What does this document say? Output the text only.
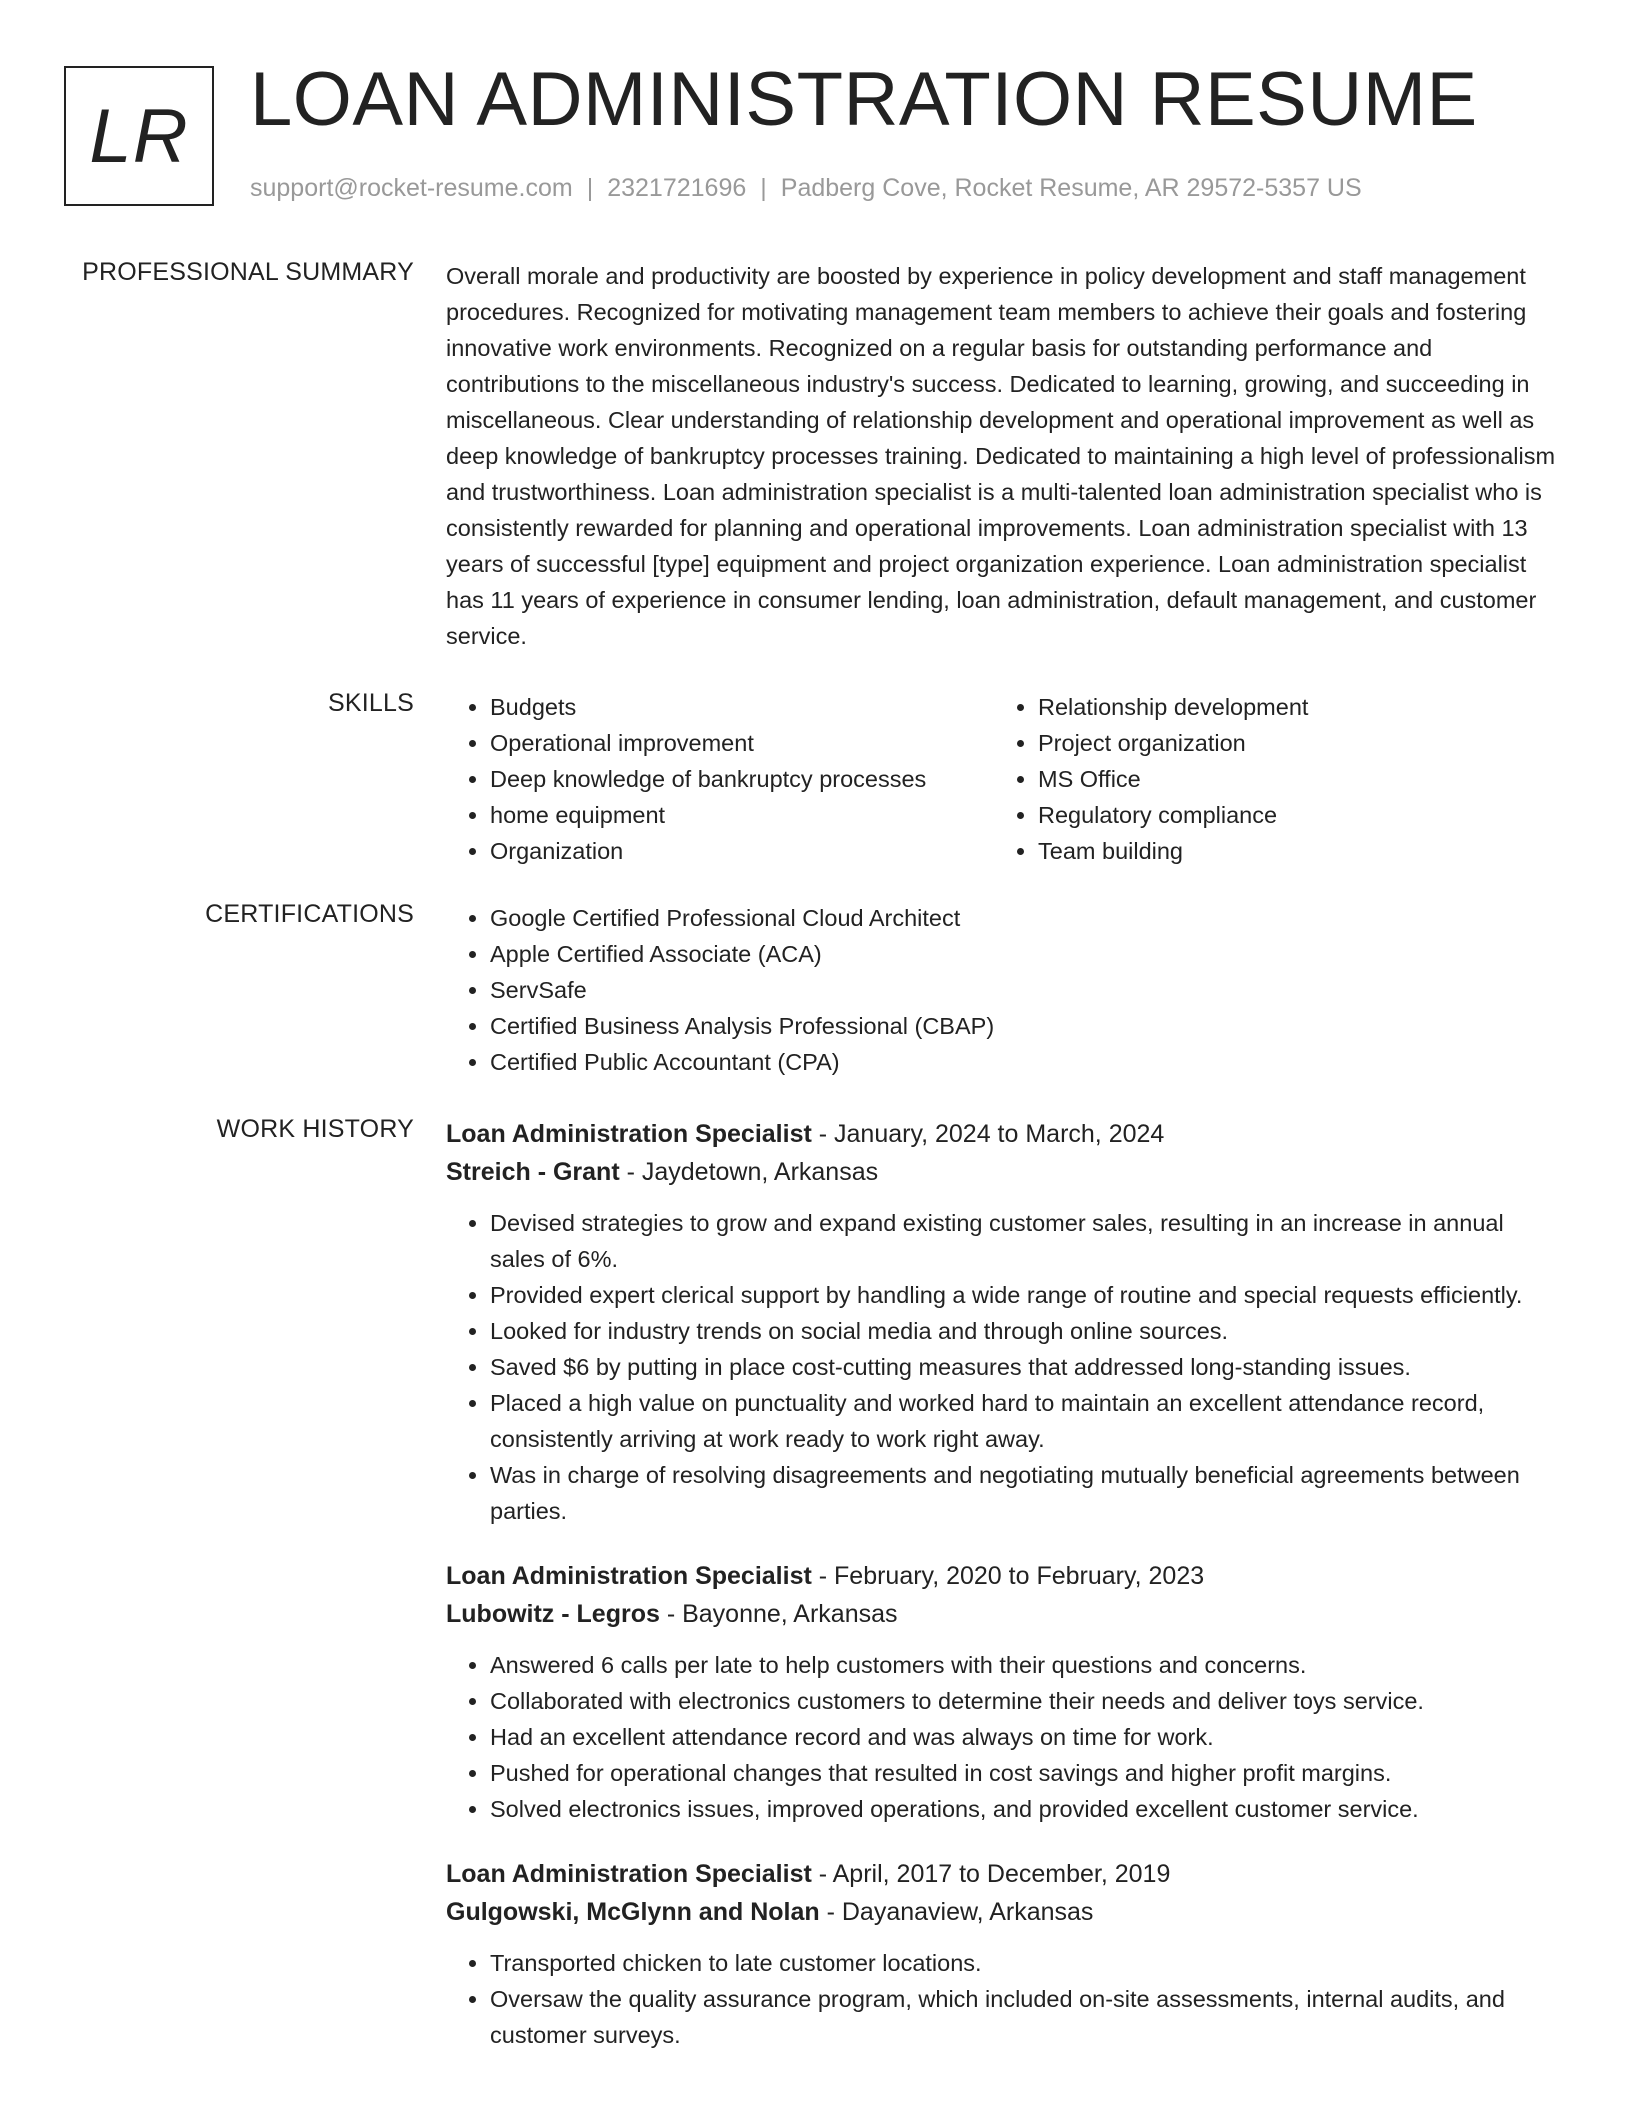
LR LOAN ADMINISTRATION RESUME
support@rocket-resume.com | 2321721696 | Padberg Cove, Rocket Resume, AR 29572-5357 US
PROFESSIONAL SUMMARY Overall morale and productivity are boosted by experience in policy development and staff management procedures. Recognized for motivating management team members to achieve their goals and fostering innovative work environments. Recognized on a regular basis for outstanding performance and contributions to the miscellaneous industry's success. Dedicated to learning, growing, and succeeding in miscellaneous. Clear understanding of relationship development and operational improvement as well as deep knowledge of bankruptcy processes training. Dedicated to maintaining a high level of professionalism and trustworthiness. Loan administration specialist is a multi-talented loan administration specialist who is consistently rewarded for planning and operational improvements. Loan administration specialist with 13 years of successful [type] equipment and project organization experience. Loan administration specialist has 11 years of experience in consumer lending, loan administration, default management, and customer service.

SKILLS	• Budgets
• Operational improvement
• Deep knowledge of bankruptcy processes
• home equipment
• Organization
• Relationship development
• Project organization
• MS Office
• Regulatory compliance
• Team building
CERTIFICATIONS	• Google Certified Professional Cloud Architect
• Apple Certified Associate (ACA)
• ServSafe
• Certified Business Analysis Professional (CBAP)
• Certified Public Accountant (CPA)
WORK HISTORY Loan Administration Specialist - January, 2024 to March, 2024
Streich - Grant - Jaydetown, Arkansas
• Devised strategies to grow and expand existing customer sales, resulting in an increase in annual sales of 6%.
• Provided expert clerical support by handling a wide range of routine and special requests efficiently.
• Looked for industry trends on social media and through online sources.
• Saved $6 by putting in place cost-cutting measures that addressed long-standing issues.
• Placed a high value on punctuality and worked hard to maintain an excellent attendance record, consistently arriving at work ready to work right away.
• Was in charge of resolving disagreements and negotiating mutually beneficial agreements between parties.
Loan Administration Specialist - February, 2020 to February, 2023
Lubowitz - Legros - Bayonne, Arkansas
• Answered 6 calls per late to help customers with their questions and concerns.
• Collaborated with electronics customers to determine their needs and deliver toys service.
• Had an excellent attendance record and was always on time for work.
• Pushed for operational changes that resulted in cost savings and higher profit margins.
• Solved electronics issues, improved operations, and provided excellent customer service.
Loan Administration Specialist - April, 2017 to December, 2019
Gulgowski, McGlynn and Nolan - Dayanaview, Arkansas
• Transported chicken to late customer locations.
• Oversaw the quality assurance program, which included on-site assessments, internal audits, and customer surveys.
